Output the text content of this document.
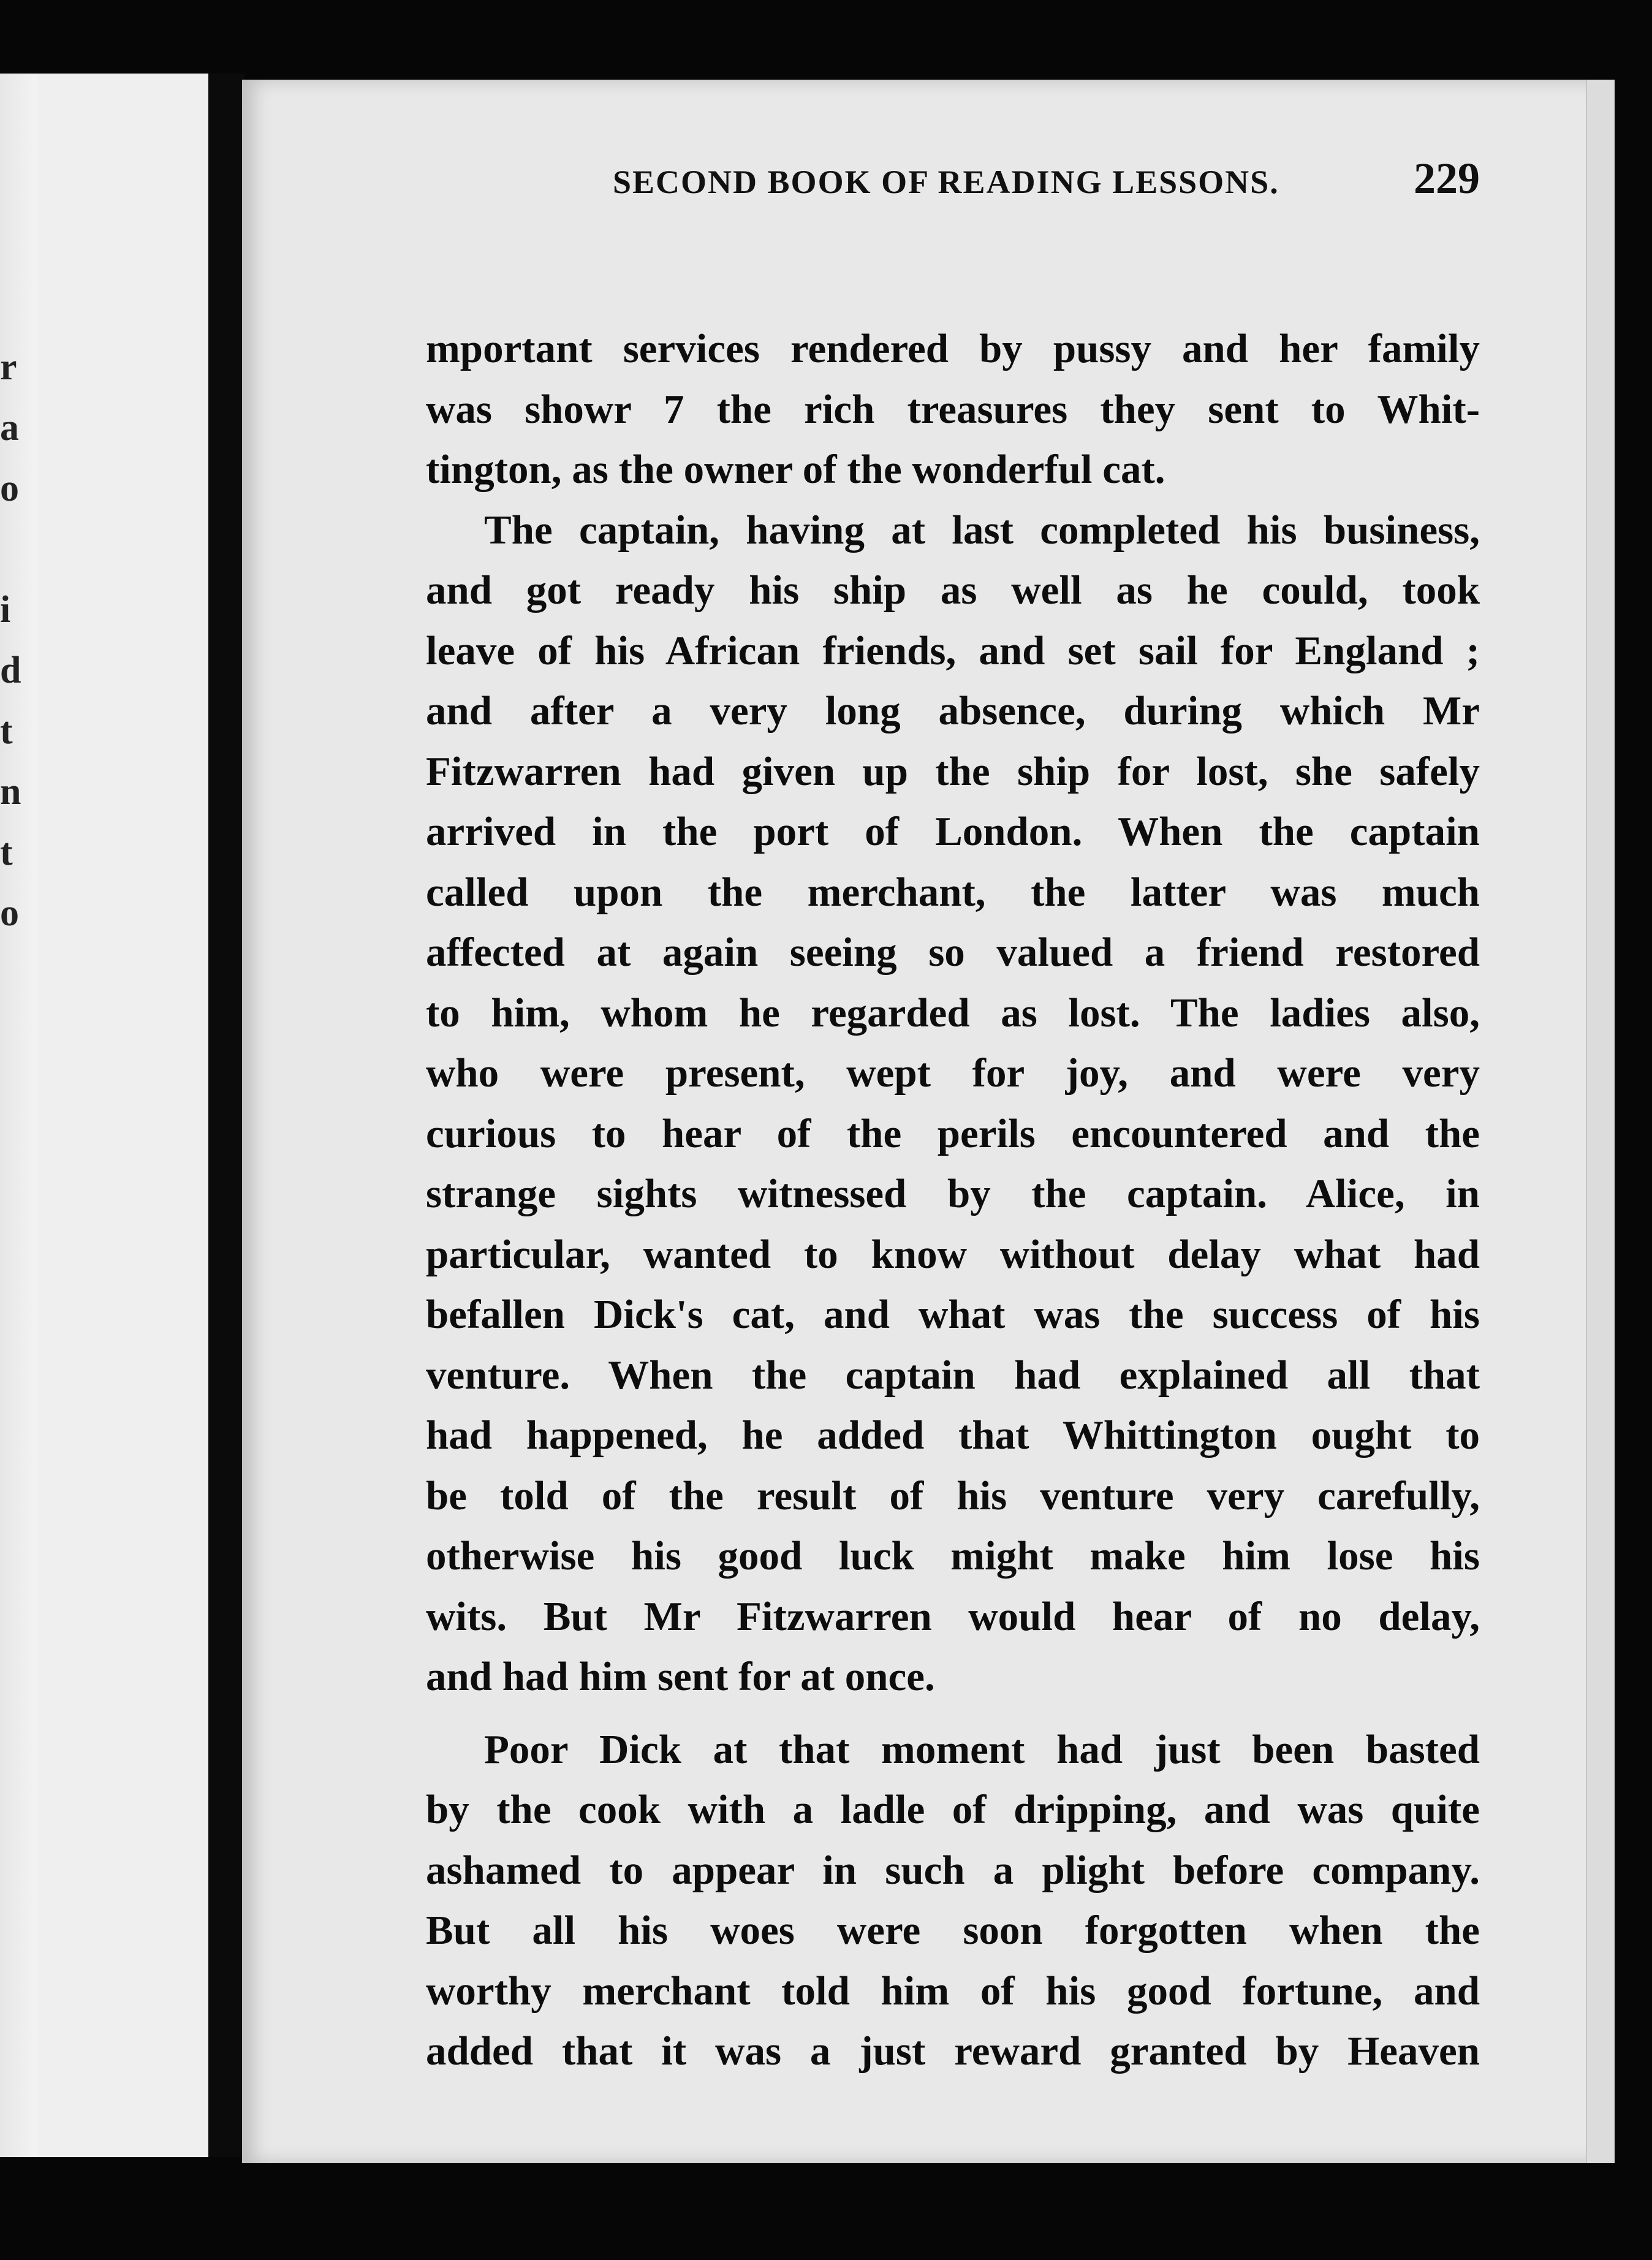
r
a
o

i
d
t
n
t
o
SECOND BOOK OF READING LESSONS.	229
mportant services rendered by pussy and her family
was showr 7 the rich treasures they sent to Whit-
tington, as the owner of the wonderful cat.
The captain, having at last completed his business,
and got ready his ship as well as he could, took
leave of his African friends, and set sail for England ;
and after a very long absence, during which Mr
Fitzwarren had given up the ship for lost, she safely
arrived in the port of London. When the captain
called upon the merchant, the latter was much
affected at again seeing so valued a friend restored
to him, whom he regarded as lost. The ladies also,
who were present, wept for joy, and were very
curious to hear of the perils encountered and the
strange sights witnessed by the captain. Alice, in
particular, wanted to know without delay what had
befallen Dick's cat, and what was the success of his
venture. When the captain had explained all that
had happened, he added that Whittington ought to
be told of the result of his venture very carefully,
otherwise his good luck might make him lose his
wits. But Mr Fitzwarren would hear of no delay,
and had him sent for at once.
Poor Dick at that moment had just been basted
by the cook with a ladle of dripping, and was quite
ashamed to appear in such a plight before company.
But all his woes were soon forgotten when the
worthy merchant told him of his good fortune, and
added that it was a just reward granted by Heaven
